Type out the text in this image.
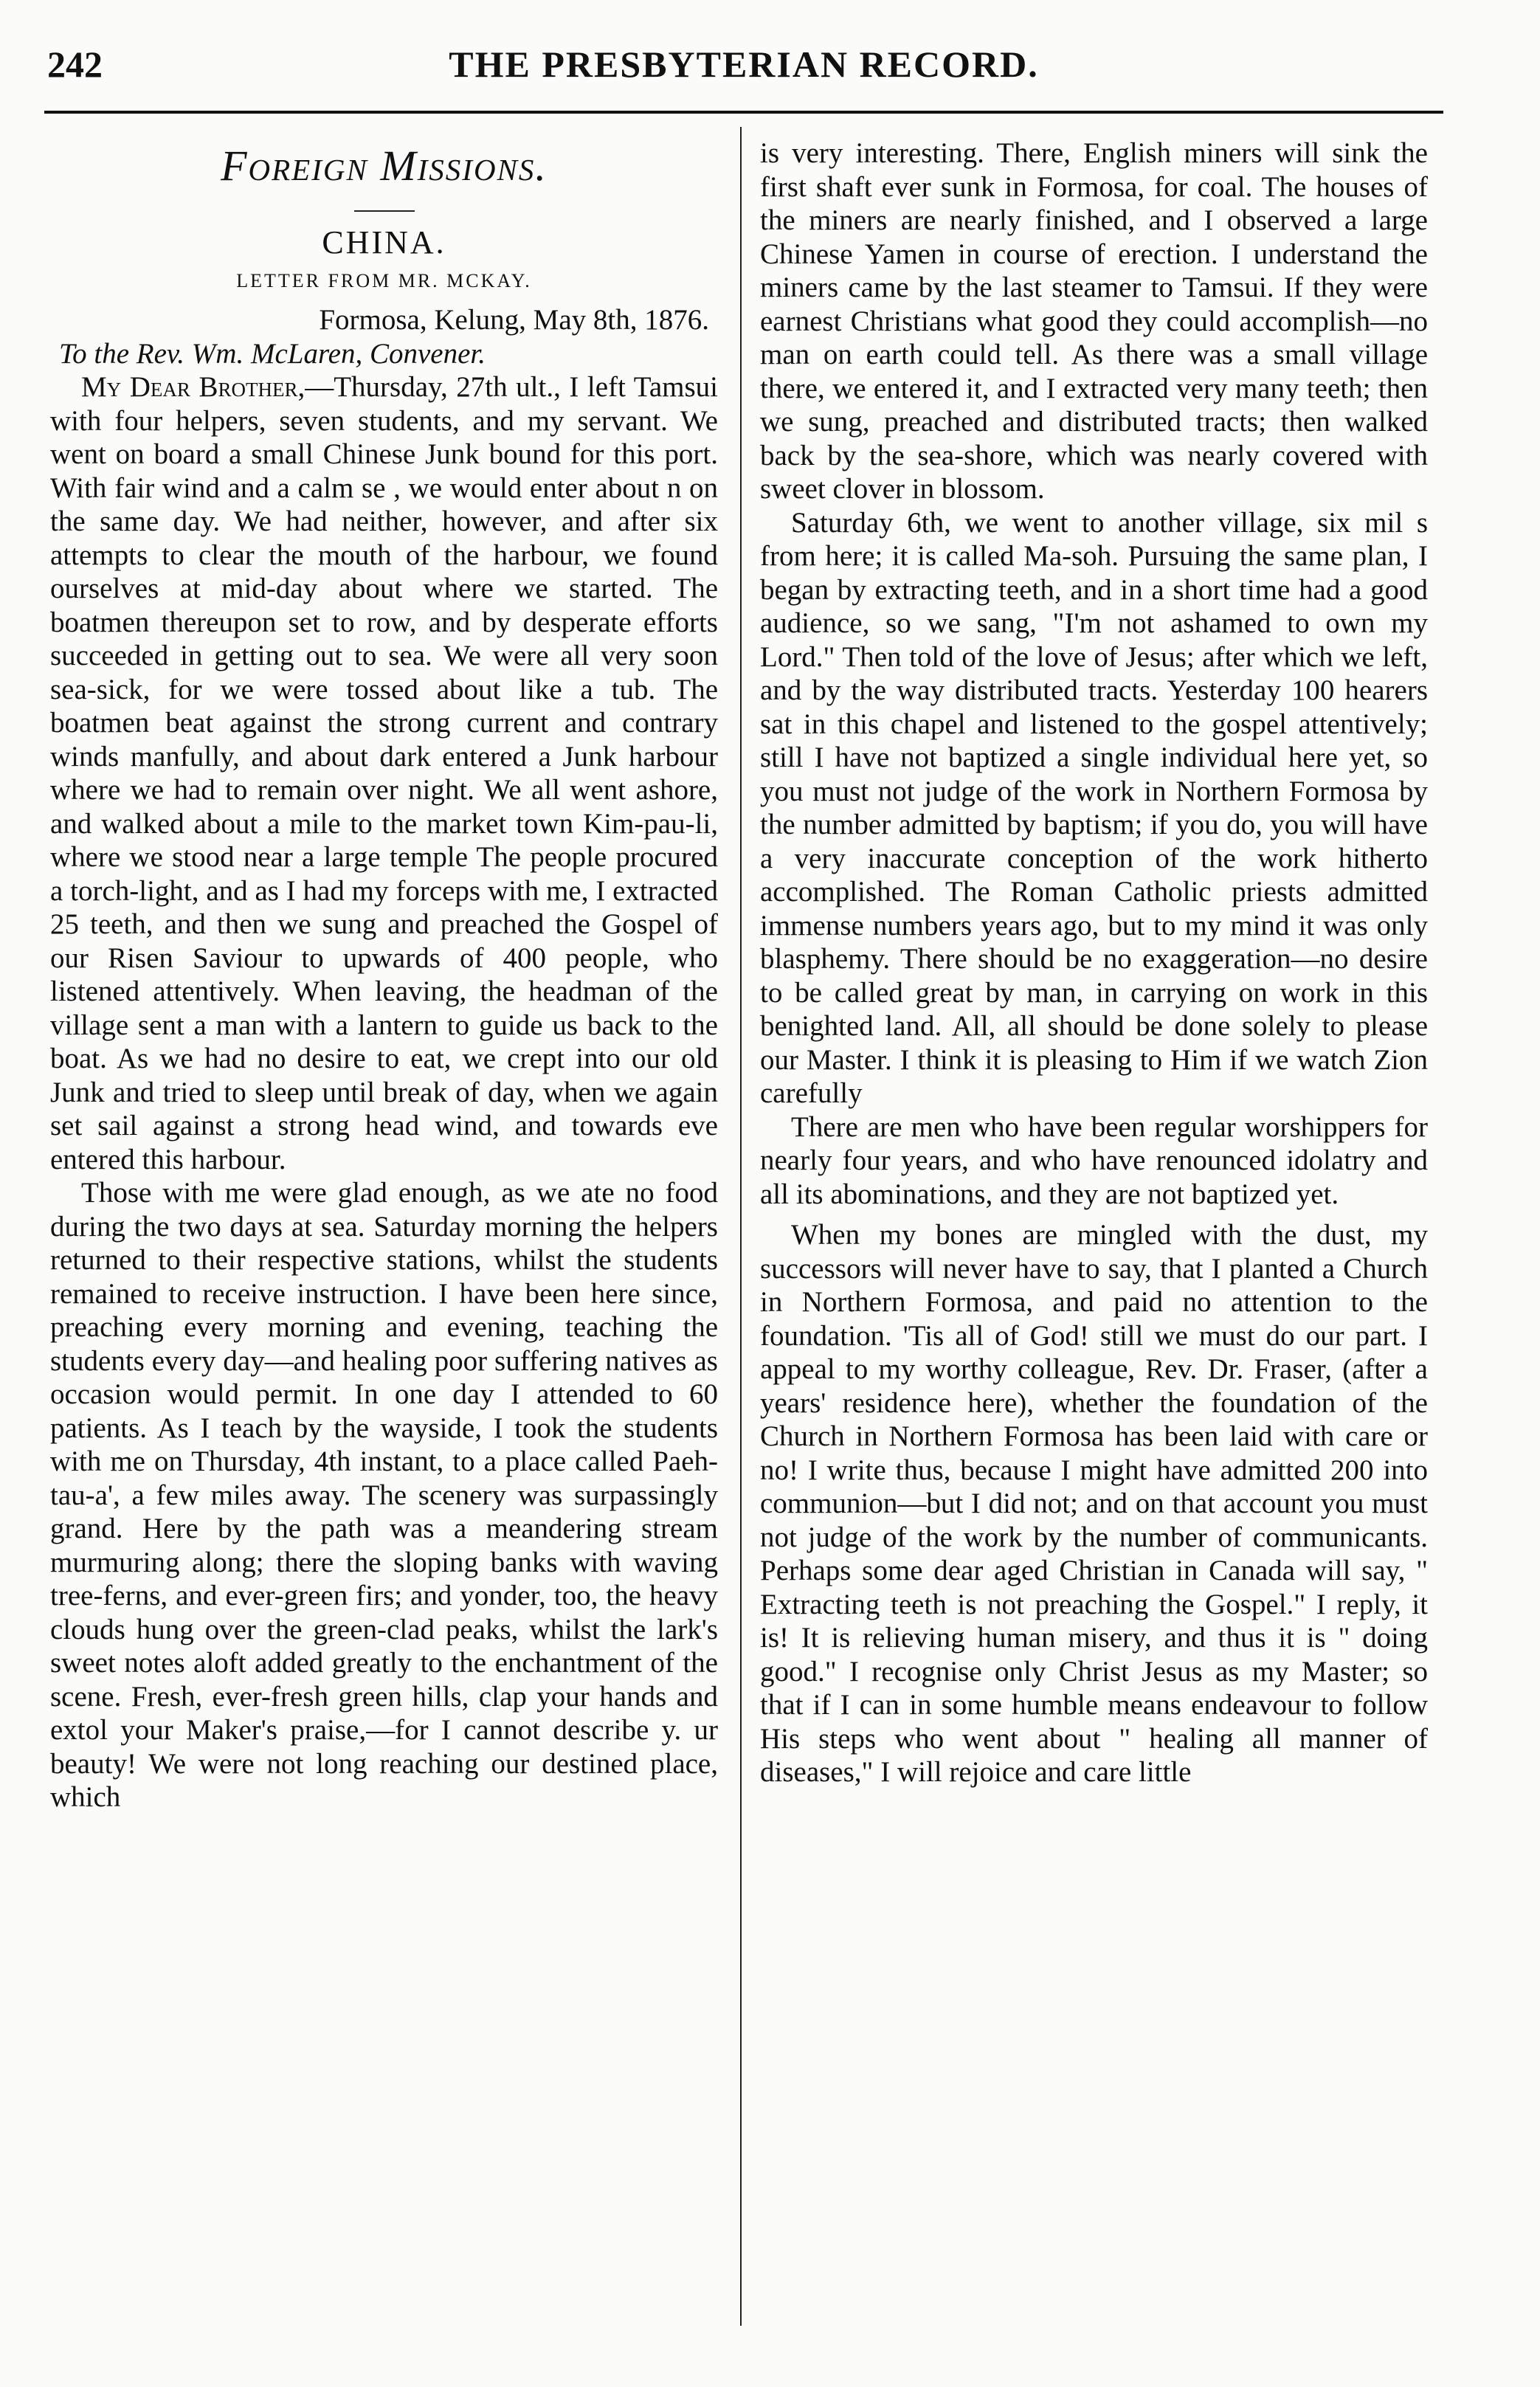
242	THE PRESBYTERIAN RECORD.
Foreign Missions.
CHINA.
LETTER FROM MR. MCKAY.

Formosa, Kelung, May 8th, 1876.

To the Rev. Wm. McLaren, Convener.

My Dear Brother,—Thursday, 27th ult., I left Tamsui with four helpers, seven students, and my servant. We went on board a small Chinese Junk bound for this port. With fair wind and a calm se , we would enter about n on the same day. We had neither, however, and after six attempts to clear the mouth of the harbour, we found ourselves at mid-day about where we started. The boatmen thereupon set to row, and by desperate efforts succeeded in getting out to sea. We were all very soon sea-sick, for we were tossed about like a tub. The boatmen beat against the strong current and contrary winds manfully, and about dark entered a Junk harbour where we had to remain over night. We all went ashore, and walked about a mile to the market town Kim-pau-li, where we stood near a large temple The people procured a torch-light, and as I had my forceps with me, I extracted 25 teeth, and then we sung and preached the Gospel of our Risen Saviour to upwards of 400 people, who listened attentively. When leaving, the headman of the village sent a man with a lantern to guide us back to the boat. As we had no desire to eat, we crept into our old Junk and tried to sleep until break of day, when we again set sail against a strong head wind, and towards eve entered this harbour.

Those with me were glad enough, as we ate no food during the two days at sea. Saturday morning the helpers returned to their respective stations, whilst the students remained to receive instruction. I have been here since, preaching every morning and evening, teaching the students every day—and healing poor suffering natives as occasion would permit. In one day I attended to 60 patients. As I teach by the wayside, I took the students with me on Thursday, 4th instant, to a place called Paeh-tau-a', a few miles away. The scenery was surpassingly grand. Here by the path was a meandering stream murmuring along; there the sloping banks with waving tree-ferns, and ever-green firs; and yonder, too, the heavy clouds hung over the green-clad peaks, whilst the lark's sweet notes aloft added greatly to the enchantment of the scene. Fresh, ever-fresh green hills, clap your hands and extol your Maker's praise,—for I cannot describe y. ur beauty! We were not long reaching our destined place, which

is very interesting. There, English miners will sink the first shaft ever sunk in Formosa, for coal. The houses of the miners are nearly finished, and I observed a large Chinese Yamen in course of erection. I understand the miners came by the last steamer to Tamsui. If they were earnest Christians what good they could accomplish—no man on earth could tell. As there was a small village there, we entered it, and I extracted very many teeth; then we sung, preached and distributed tracts; then walked back by the sea-shore, which was nearly covered with sweet clover in blossom.

Saturday 6th, we went to another village, six mil s from here; it is called Ma-soh. Pursuing the same plan, I began by extracting teeth, and in a short time had a good audience, so we sang, "I'm not ashamed to own my Lord." Then told of the love of Jesus; after which we left, and by the way distributed tracts. Yesterday 100 hearers sat in this chapel and listened to the gospel attentively; still I have not baptized a single individual here yet, so you must not judge of the work in Northern Formosa by the number admitted by baptism; if you do, you will have a very inaccurate conception of the work hitherto accomplished. The Roman Catholic priests admitted immense numbers years ago, but to my mind it was only blasphemy. There should be no exaggeration—no desire to be called great by man, in carrying on work in this benighted land. All, all should be done solely to please our Master. I think it is pleasing to Him if we watch Zion carefully

There are men who have been regular worshippers for nearly four years, and who have renounced idolatry and all its abominations, and they are not baptized yet.

When my bones are mingled with the dust, my successors will never have to say, that I planted a Church in Northern Formosa, and paid no attention to the foundation. 'Tis all of God! still we must do our part. I appeal to my worthy colleague, Rev. Dr. Fraser, (after a years' residence here), whether the foundation of the Church in Northern Formosa has been laid with care or no! I write thus, because I might have admitted 200 into communion—but I did not; and on that account you must not judge of the work by the number of communicants. Perhaps some dear aged Christian in Canada will say, " Extracting teeth is not preaching the Gospel." I reply, it is! It is relieving human misery, and thus it is " doing good." I recognise only Christ Jesus as my Master; so that if I can in some humble means endeavour to follow His steps who went about " healing all manner of diseases," I will rejoice and care little
